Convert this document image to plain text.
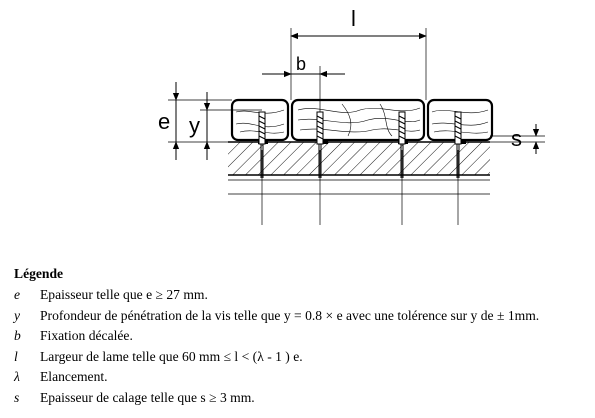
l
b
e y
s
Légende
e	Epaisseur telle que e ≥ 27 mm.
y	Profondeur de pénétration de la vis telle que y = 0.8 × e avec une tolérence sur y de ± 1mm.
b	Fixation décalée.
l	Largeur de lame telle que 60 mm ≤ l < (λ - 1 ) e.
λ	Elancement.
s	Epaisseur de calage telle que s ≥ 3 mm.
